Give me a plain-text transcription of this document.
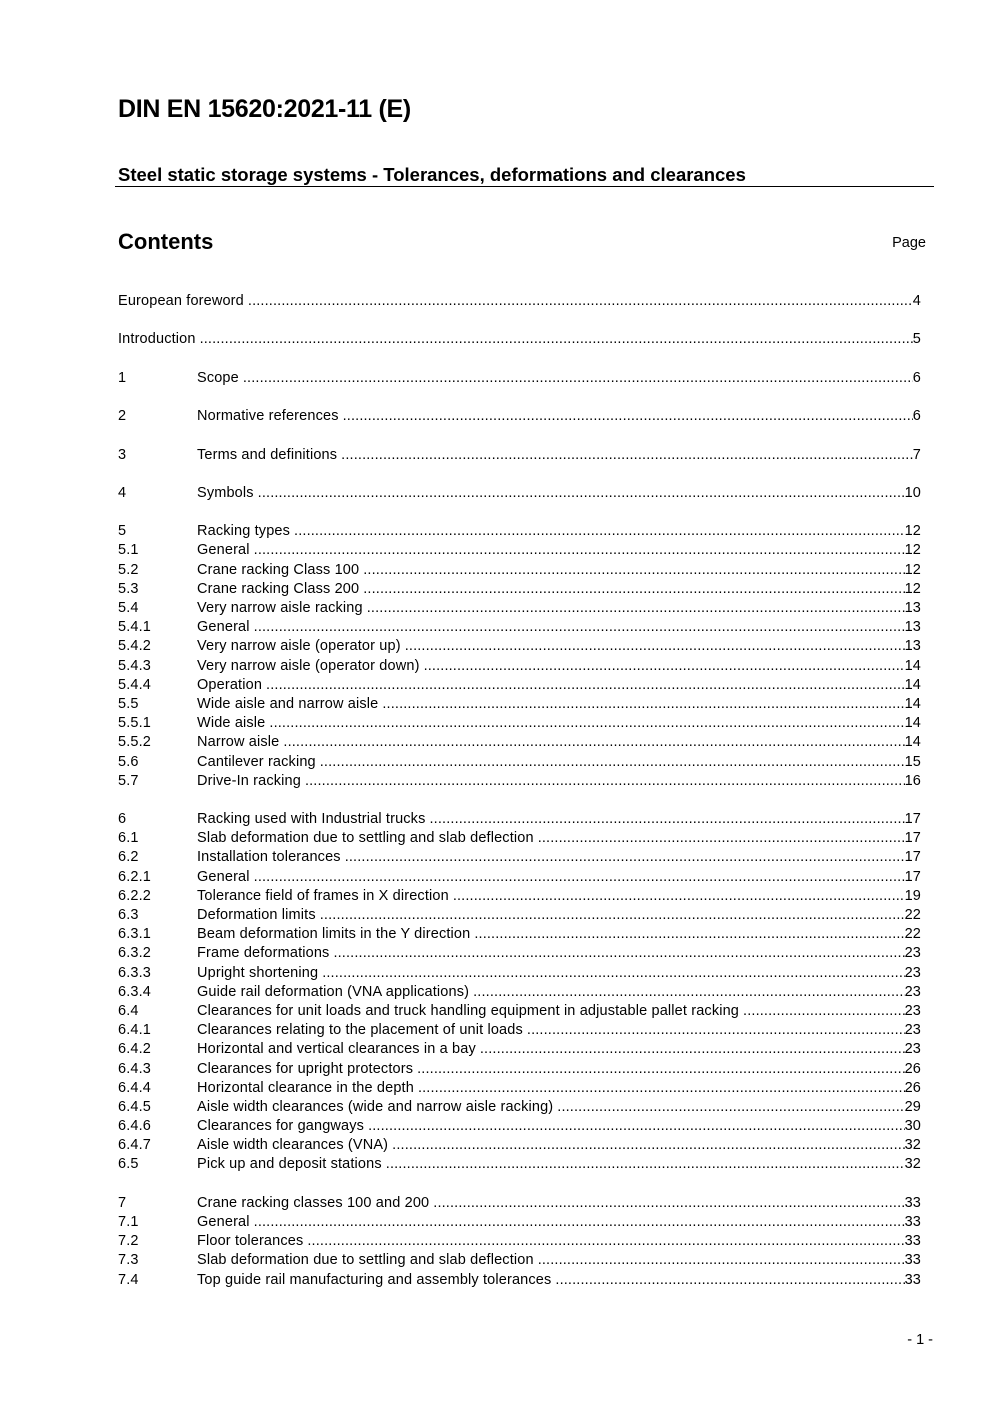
DIN EN 15620:2021-11 (E)
Steel static storage systems - Tolerances, deformations and clearances
Contents	Page
European foreword .....	4
Introduction .....	5
1	Scope .....	6
2	Normative references .....	6
3	Terms and definitions .....	7
4	Symbols .....	10
5	Racking types .....	12
5.1	General .....	12
5.2	Crane racking Class 100 .....	12
5.3	Crane racking Class 200 .....	12
5.4	Very narrow aisle racking .....	13
5.4.1	General .....	13
5.4.2	Very narrow aisle (operator up) .....	13
5.4.3	Very narrow aisle (operator down) .....	14
5.4.4	Operation .....	14
5.5	Wide aisle and narrow aisle .....	14
5.5.1	Wide aisle .....	14
5.5.2	Narrow aisle .....	14
5.6	Cantilever racking .....	15
5.7	Drive-In racking .....	16
6	Racking used with Industrial trucks .....	17
6.1	Slab deformation due to settling and slab deflection .....	17
6.2	Installation tolerances .....	17
6.2.1	General .....	17
6.2.2	Tolerance field of frames in X direction .....	19
6.3	Deformation limits .....	22
6.3.1	Beam deformation limits in the Y direction .....	22
6.3.2	Frame deformations .....	23
6.3.3	Upright shortening .....	23
6.3.4	Guide rail deformation (VNA applications) .....	23
6.4	Clearances for unit loads and truck handling equipment in adjustable pallet racking .....	23
6.4.1	Clearances relating to the placement of unit loads .....	23
6.4.2	Horizontal and vertical clearances in a bay .....	23
6.4.3	Clearances for upright protectors .....	26
6.4.4	Horizontal clearance in the depth .....	26
6.4.5	Aisle width clearances (wide and narrow aisle racking) .....	29
6.4.6	Clearances for gangways .....	30
6.4.7	Aisle width clearances (VNA) .....	32
6.5	Pick up and deposit stations .....	32
7	Crane racking classes 100 and 200 .....	33
7.1	General .....	33
7.2	Floor tolerances .....	33
7.3	Slab deformation due to settling and slab deflection .....	33
7.4	Top guide rail manufacturing and assembly tolerances .....	33
- 1 -
